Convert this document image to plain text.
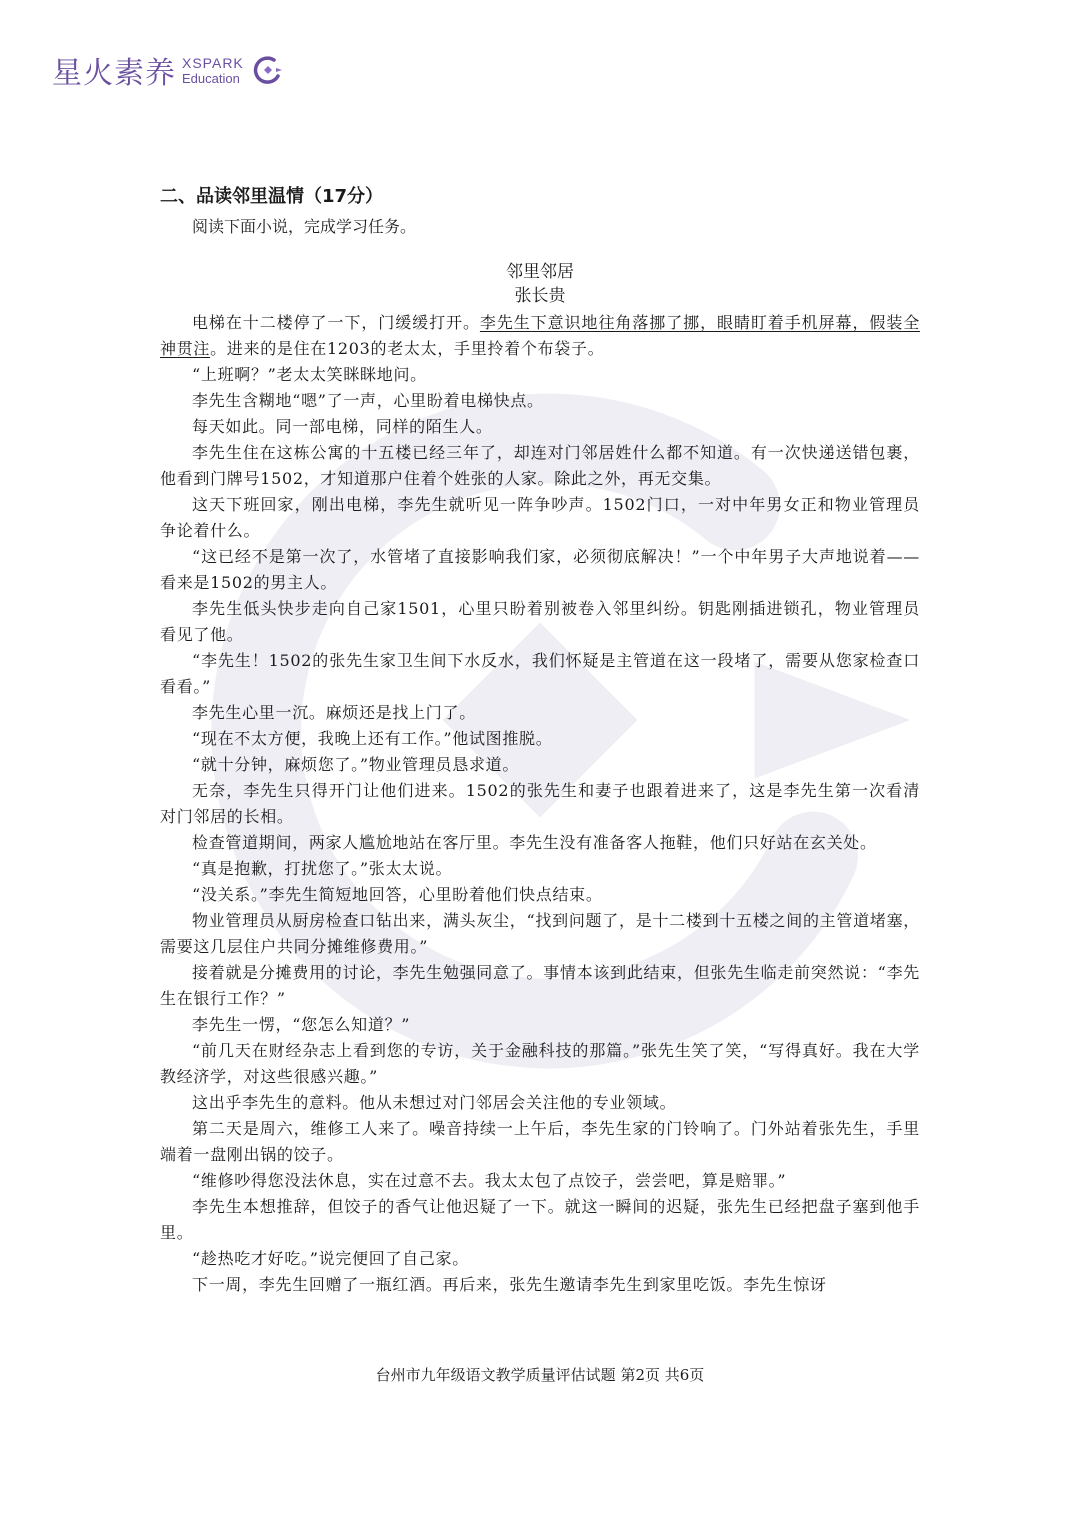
星火素养 XSPARK
Education

二、品读邻里温情（17分）

阅读下面小说，完成学习任务。

邻里邻居

张长贵

电梯在十二楼停了一下，门缓缓打开。李先生下意识地往角落挪了挪，眼睛盯着手机屏幕，假装全神贯注。进来的是住在1203的老太太，手里拎着个布袋子。

“上班啊？”老太太笑眯眯地问。

李先生含糊地“嗯”了一声，心里盼着电梯快点。

每天如此。同一部电梯，同样的陌生人。

李先生住在这栋公寓的十五楼已经三年了，却连对门邻居姓什么都不知道。有一次快递送错包裹，他看到门牌号1502，才知道那户住着个姓张的人家。除此之外，再无交集。

这天下班回家，刚出电梯，李先生就听见一阵争吵声。1502门口，一对中年男女正和物业管理员争论着什么。

“这已经不是第一次了，水管堵了直接影响我们家，必须彻底解决！”一个中年男子大声地说着——看来是1502的男主人。

李先生低头快步走向自己家1501，心里只盼着别被卷入邻里纠纷。钥匙刚插进锁孔，物业管理员看见了他。

“李先生！1502的张先生家卫生间下水反水，我们怀疑是主管道在这一段堵了，需要从您家检查口看看。”

李先生心里一沉。麻烦还是找上门了。

“现在不太方便，我晚上还有工作。”他试图推脱。

“就十分钟，麻烦您了。”物业管理员恳求道。

无奈，李先生只得开门让他们进来。1502的张先生和妻子也跟着进来了，这是李先生第一次看清对门邻居的长相。

检查管道期间，两家人尴尬地站在客厅里。李先生没有准备客人拖鞋，他们只好站在玄关处。

“真是抱歉，打扰您了。”张太太说。

“没关系。”李先生简短地回答，心里盼着他们快点结束。

物业管理员从厨房检查口钻出来，满头灰尘，“找到问题了，是十二楼到十五楼之间的主管道堵塞，需要这几层住户共同分摊维修费用。”

接着就是分摊费用的讨论，李先生勉强同意了。事情本该到此结束，但张先生临走前突然说：“李先生在银行工作？”

李先生一愣，“您怎么知道？”

“前几天在财经杂志上看到您的专访，关于金融科技的那篇。”张先生笑了笑，“写得真好。我在大学教经济学，对这些很感兴趣。”

这出乎李先生的意料。他从未想过对门邻居会关注他的专业领域。

第二天是周六，维修工人来了。噪音持续一上午后，李先生家的门铃响了。门外站着张先生，手里端着一盘刚出锅的饺子。

“维修吵得您没法休息，实在过意不去。我太太包了点饺子，尝尝吧，算是赔罪。”

李先生本想推辞，但饺子的香气让他迟疑了一下。就这一瞬间的迟疑，张先生已经把盘子塞到他手里。

“趁热吃才好吃。”说完便回了自己家。

下一周，李先生回赠了一瓶红酒。再后来，张先生邀请李先生到家里吃饭。李先生惊讶

台州市九年级语文教学质量评估试题 第2页 共6页
